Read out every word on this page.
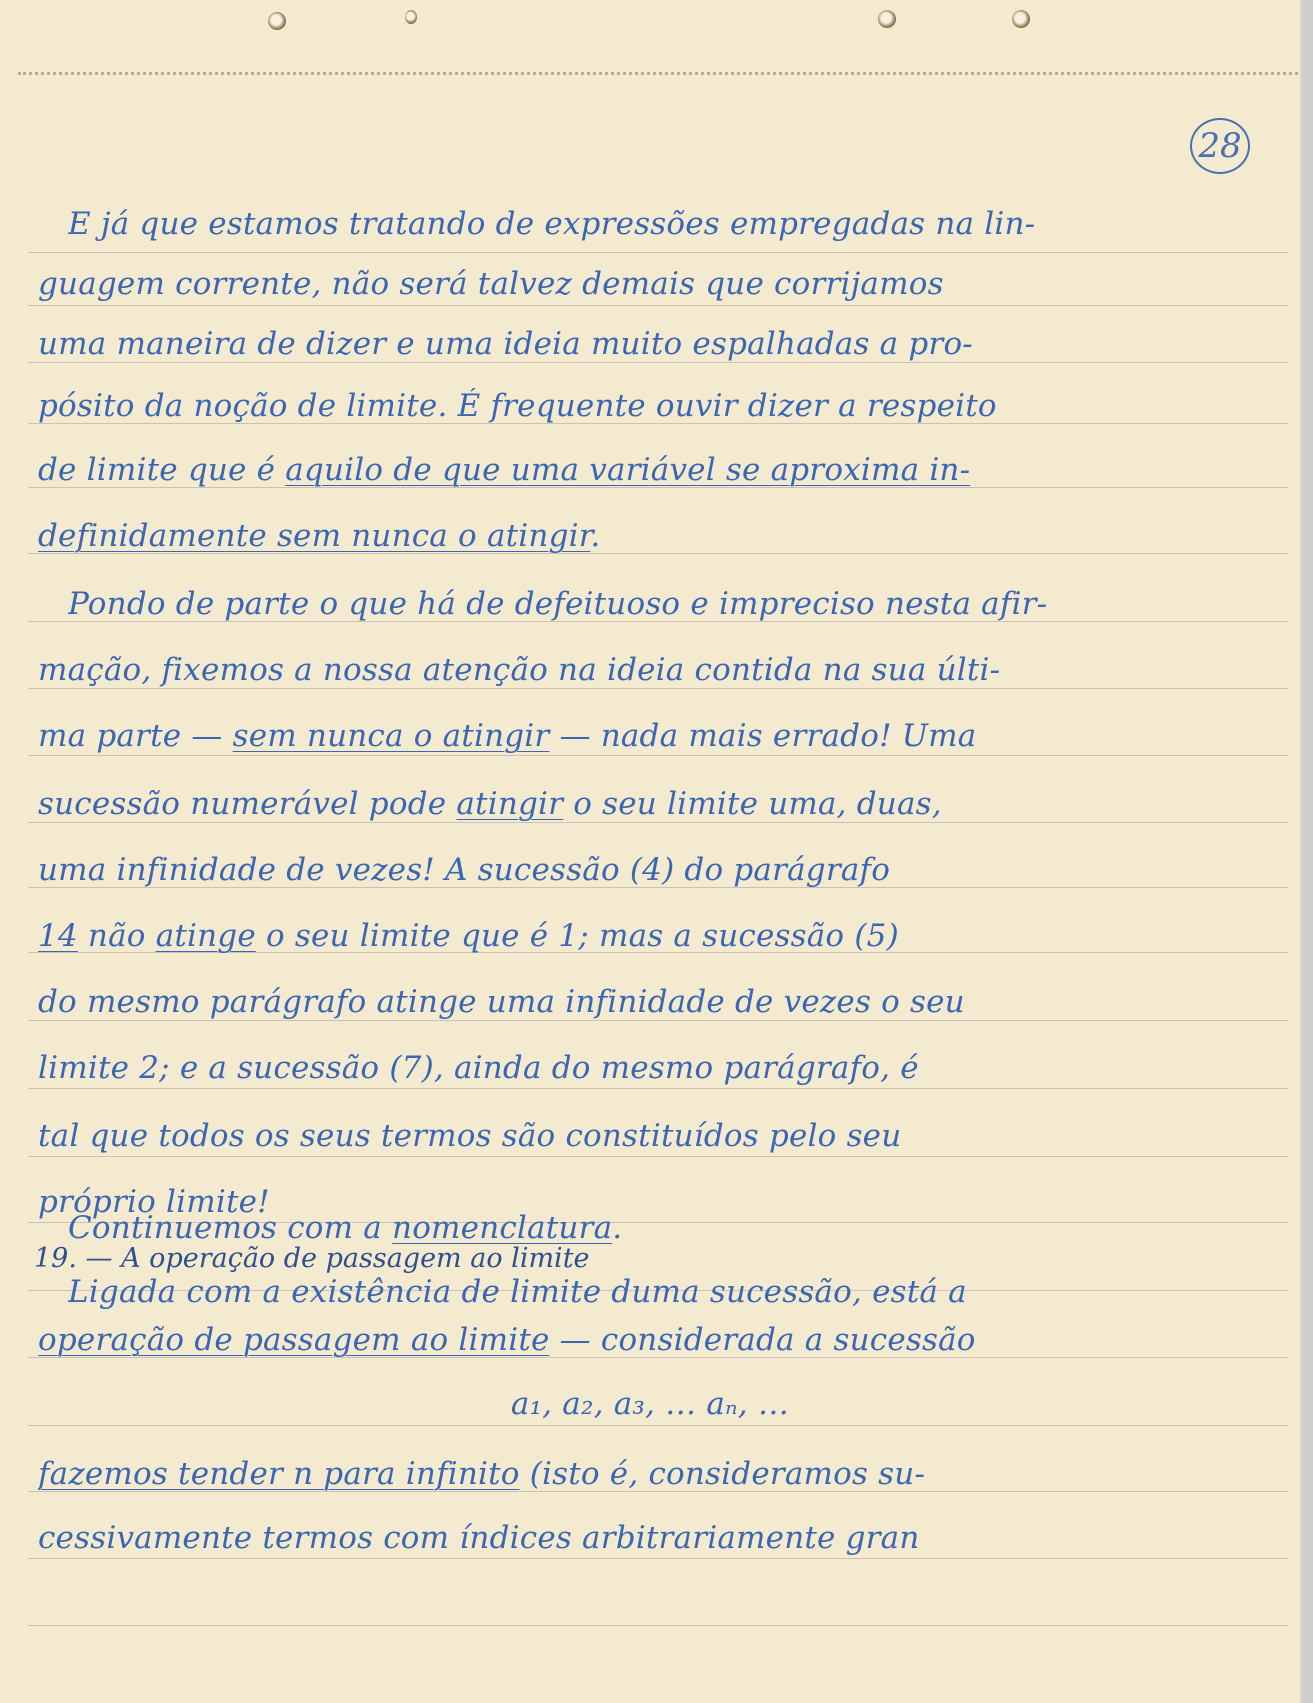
28
E já que estamos tratando de expressões empregadas na lin-
guagem corrente, não será talvez demais que corrijamos
uma maneira de dizer e uma ideia muito espalhadas a pro-
pósito da noção de limite. É frequente ouvir dizer a respeito
de limite que é aquilo de que uma variável se aproxima in-
definidamente sem nunca o atingir.
Pondo de parte o que há de defeituoso e impreciso nesta afir-
mação, fixemos a nossa atenção na ideia contida na sua últi-
ma parte — sem nunca o atingir — nada mais errado! Uma
sucessão numerável pode atingir o seu limite uma, duas,
uma infinidade de vezes! A sucessão (4) do parágrafo
14 não atinge o seu limite que é 1; mas a sucessão (5)
do mesmo parágrafo atinge uma infinidade de vezes o seu
limite 2; e a sucessão (7), ainda do mesmo parágrafo, é
tal que todos os seus termos são constituídos pelo seu
próprio limite!
Continuemos com a nomenclatura.
19. — A operação de passagem ao limite
Ligada com a existência de limite duma sucessão, está a
operação de passagem ao limite — considerada a sucessão
a₁, a₂, a₃, … aₙ, …
fazemos tender n para infinito (isto é, consideramos su-
cessivamente termos com índices arbitrariamente gran
